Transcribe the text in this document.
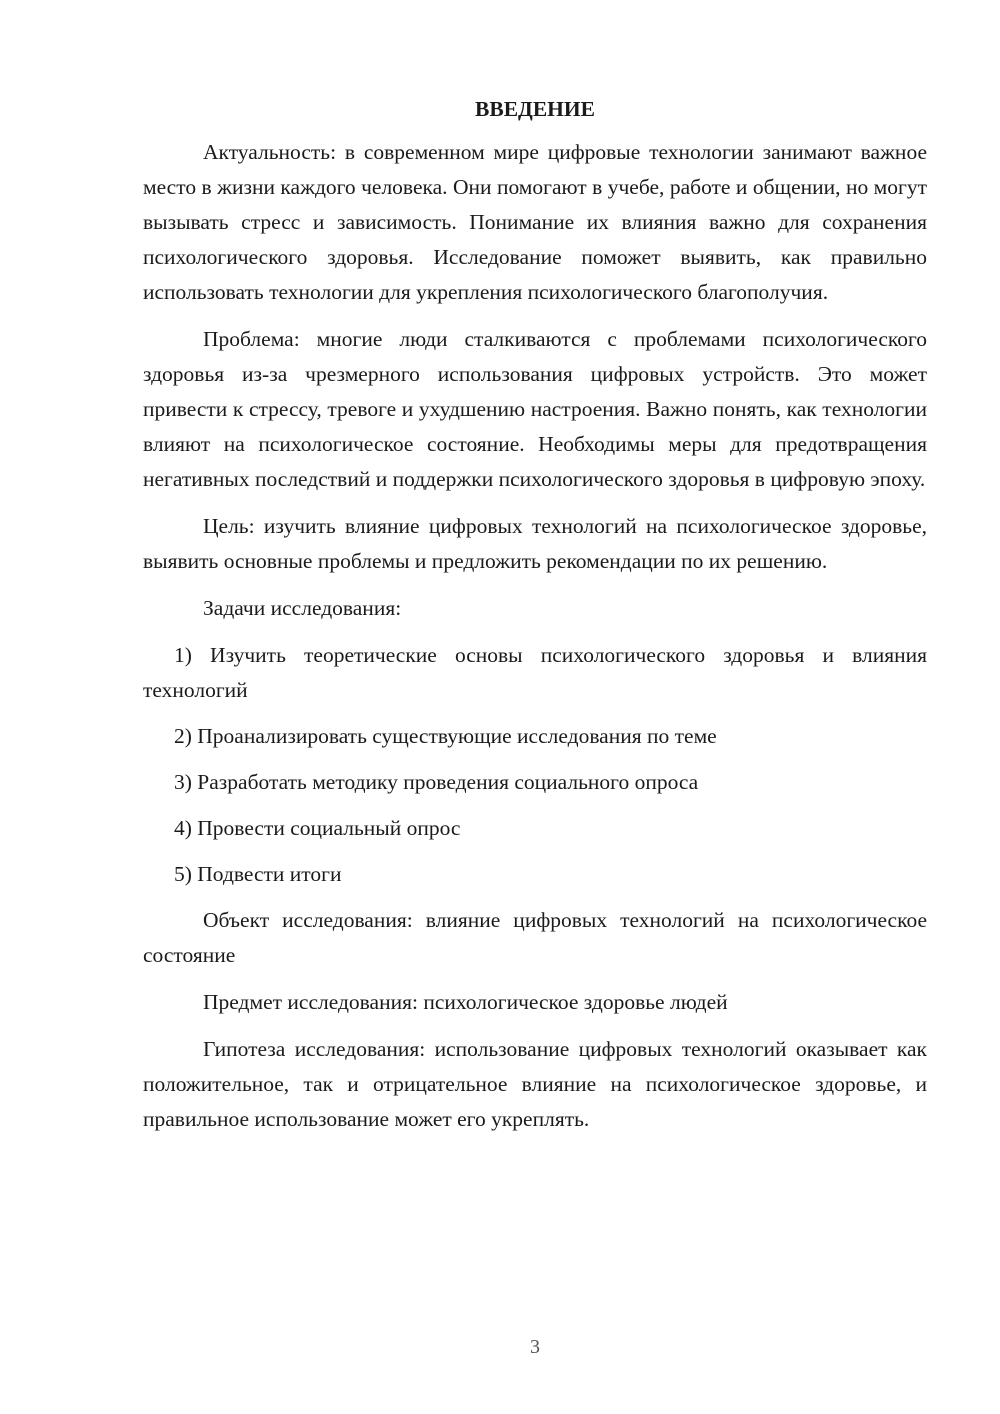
ВВЕДЕНИЕ

Актуальность: в современном мире цифровые технологии занимают важное место в жизни каждого человека. Они помогают в учебе, работе и общении, но могут вызывать стресс и зависимость. Понимание их влияния важно для сохранения психологического здоровья. Исследование поможет выявить, как правильно использовать технологии для укрепления психологического благополучия.

Проблема: многие люди сталкиваются с проблемами психологического здоровья из-за чрезмерного использования цифровых устройств. Это может привести к стрессу, тревоге и ухудшению настроения. Важно понять, как технологии влияют на психологическое состояние. Необходимы меры для предотвращения негативных последствий и поддержки психологического здоровья в цифровую эпоху.

Цель: изучить влияние цифровых технологий на психологическое здоровье, выявить основные проблемы и предложить рекомендации по их решению.

Задачи исследования:

1) Изучить теоретические основы психологического здоровья и влияния технологий

2) Проанализировать существующие исследования по теме

3) Разработать методику проведения социального опроса

4) Провести социальный опрос

5) Подвести итоги

Объект исследования: влияние цифровых технологий на психологическое состояние

Предмет исследования: психологическое здоровье людей

Гипотеза исследования: использование цифровых технологий оказывает как положительное, так и отрицательное влияние на психологическое здоровье, и правильное использование может его укреплять.

3
